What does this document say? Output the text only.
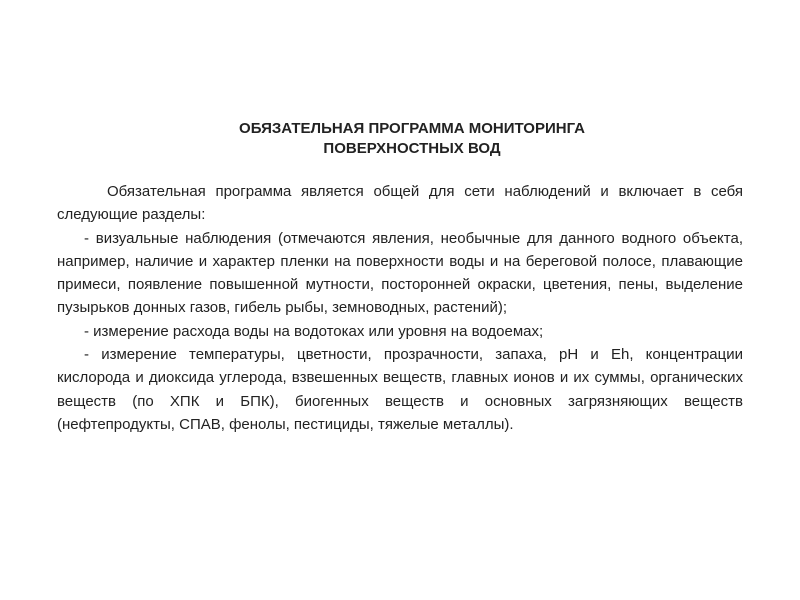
ОБЯЗАТЕЛЬНАЯ ПРОГРАММА МОНИТОРИНГА
ПОВЕРХНОСТНЫХ ВОД

Обязательная программа является общей для сети наблюдений и включает в себя следующие разделы:

- визуальные наблюдения (отмечаются явления, необычные для данного водного объекта, например, наличие и характер пленки на поверхности воды и на береговой полосе, плавающие примеси, появление повышенной мутности, посторонней окраски, цветения, пены, выделение пузырьков донных газов, гибель рыбы, земноводных, растений);

- измерение расхода воды на водотоках или уровня на водоемах;

- измерение температуры, цветности, прозрачности, запаха, pH и Eh, концентрации кислорода и диоксида углерода, взвешенных веществ, главных ионов и их суммы, органических веществ (по ХПК и БПК), биогенных веществ и основных загрязняющих веществ (нефтепродукты, СПАВ, фенолы, пестициды, тяжелые металлы).
